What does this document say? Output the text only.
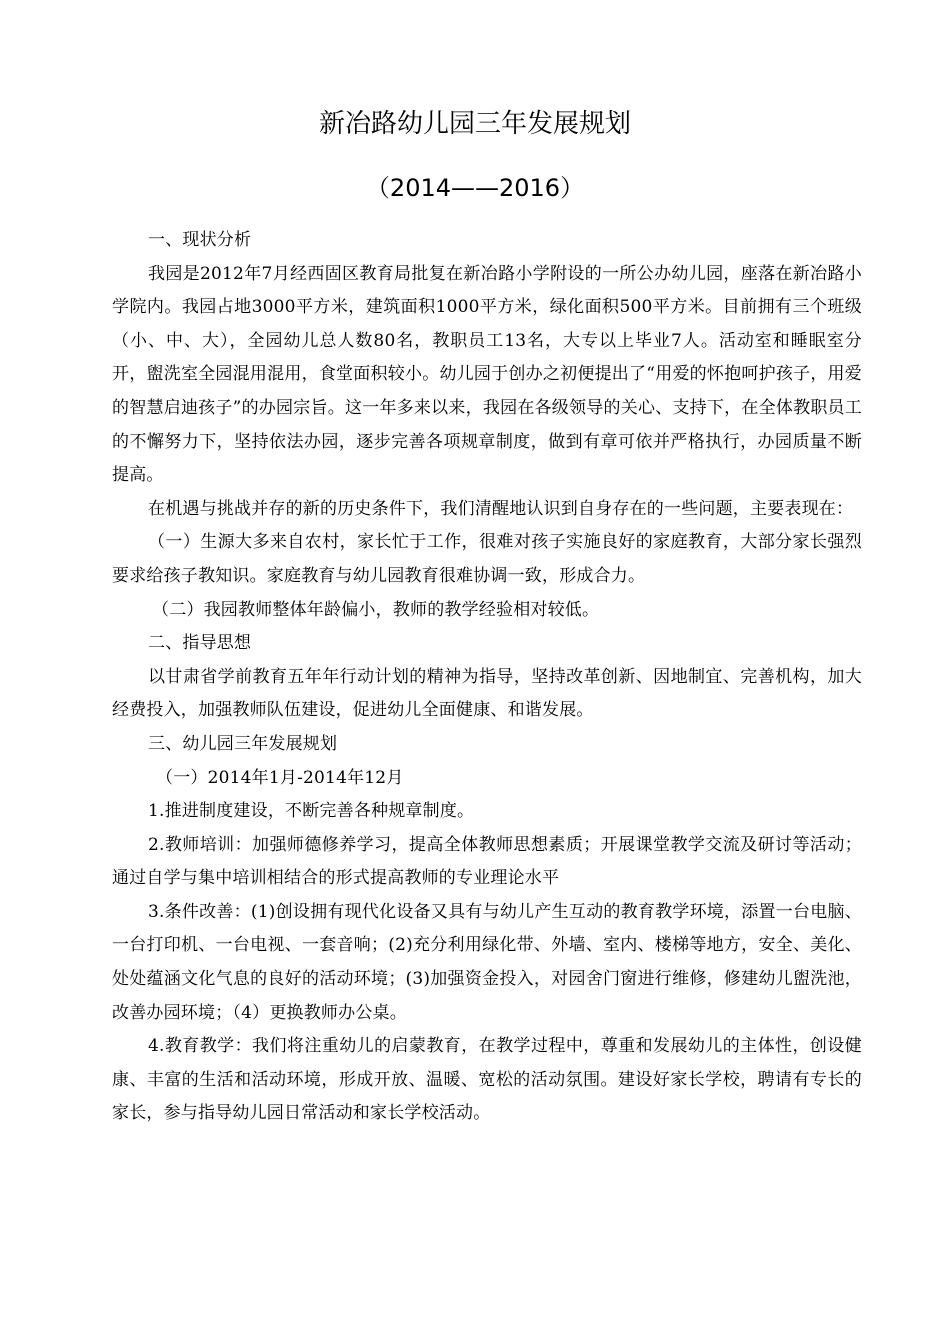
新冶路幼儿园三年发展规划
（2014——2016）

一、现状分析

我园是2012年7月经西固区教育局批复在新冶路小学附设的一所公办幼儿园，座落在新冶路小学院内。我园占地3000平方米，建筑面积1000平方米，绿化面积500平方米。目前拥有三个班级（小、中、大），全园幼儿总人数80名，教职员工13名，大专以上毕业7人。活动室和睡眠室分开，盥洗室全园混用混用，食堂面积较小。幼儿园于创办之初便提出了“用爱的怀抱呵护孩子，用爱的智慧启迪孩子”的办园宗旨。这一年多来以来，我园在各级领导的关心、支持下，在全体教职员工的不懈努力下，坚持依法办园，逐步完善各项规章制度，做到有章可依并严格执行，办园质量不断提高。

在机遇与挑战并存的新的历史条件下，我们清醒地认识到自身存在的一些问题，主要表现在：

（一）生源大多来自农村，家长忙于工作，很难对孩子实施良好的家庭教育，大部分家长强烈要求给孩子教知识。家庭教育与幼儿园教育很难协调一致，形成合力。

（二）我园教师整体年龄偏小，教师的教学经验相对较低。

二、指导思想

以甘肃省学前教育五年年行动计划的精神为指导，坚持改革创新、因地制宜、完善机构，加大经费投入，加强教师队伍建设，促进幼儿全面健康、和谐发展。

三、幼儿园三年发展规划

（一）2014年1月-2014年12月

1.推进制度建设，不断完善各种规章制度。

2.教师培训：加强师德修养学习，提高全体教师思想素质；开展课堂教学交流及研讨等活动；通过自学与集中培训相结合的形式提高教师的专业理论水平

3.条件改善：(1)创设拥有现代化设备又具有与幼儿产生互动的教育教学环境，添置一台电脑、一台打印机、一台电视、一套音响；(2)充分利用绿化带、外墙、室内、楼梯等地方，安全、美化、处处蕴涵文化气息的良好的活动环境；(3)加强资金投入，对园舍门窗进行维修，修建幼儿盥洗池，改善办园环境；（4）更换教师办公桌。

4.教育教学：我们将注重幼儿的启蒙教育，在教学过程中，尊重和发展幼儿的主体性，创设健康、丰富的生活和活动环境，形成开放、温暖、宽松的活动氛围。建设好家长学校，聘请有专长的家长，参与指导幼儿园日常活动和家长学校活动。
